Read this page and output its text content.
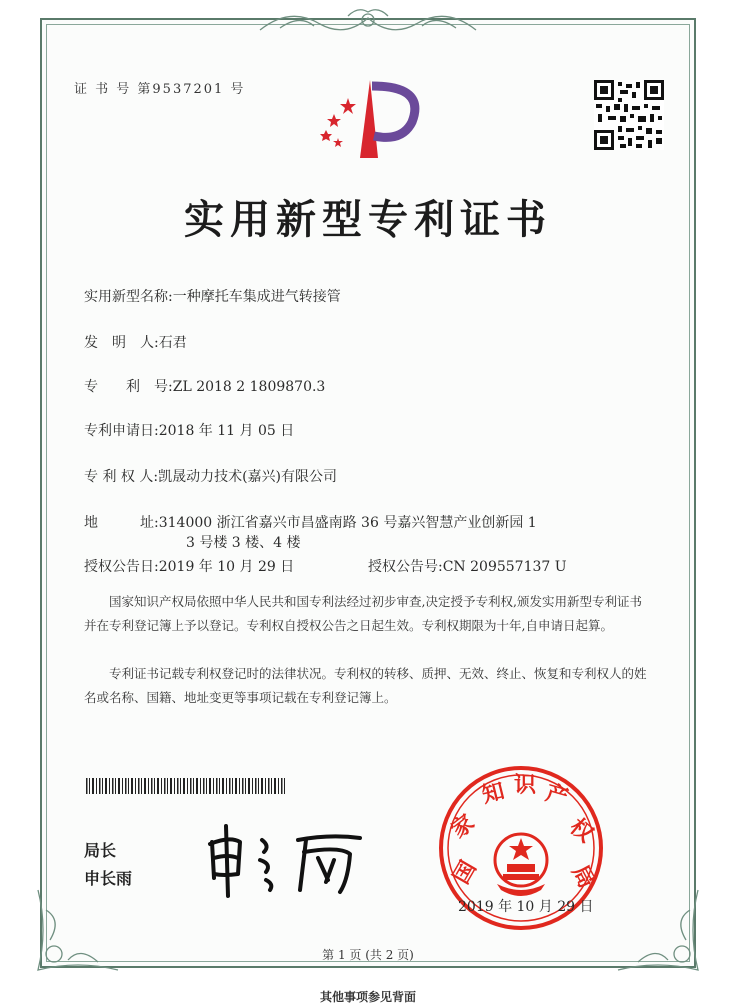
证 书 号 第9537201 号
实用新型专利证书
实用新型名称:一种摩托车集成进气转接管
发　明　人:石君
专　　利　号:ZL 2018 2 1809870.3
专利申请日:2018 年 11 月 05 日
专 利 权 人:凯晟动力技术(嘉兴)有限公司
地　　　址:314000 浙江省嘉兴市昌盛南路 36 号嘉兴智慧产业创新园 1
3 号楼 3 楼、4 楼
授权公告日:2019 年 10 月 29 日	授权公告号:CN 209557137 U

国家知识产权局依照中华人民共和国专利法经过初步审查,决定授予专利权,颁发实用新型专利证书并在专利登记簿上予以登记。专利权自授权公告之日起生效。专利权期限为十年,自申请日起算。

专利证书记载专利权登记时的法律状况。专利权的转移、质押、无效、终止、恢复和专利权人的姓名或名称、国籍、地址变更等事项记载在专利登记簿上。

局长
申长雨	国
家
知 识 产
权
局
2019 年 10 月 29 日
第 1 页 (共 2 页)
其他事项参见背面
